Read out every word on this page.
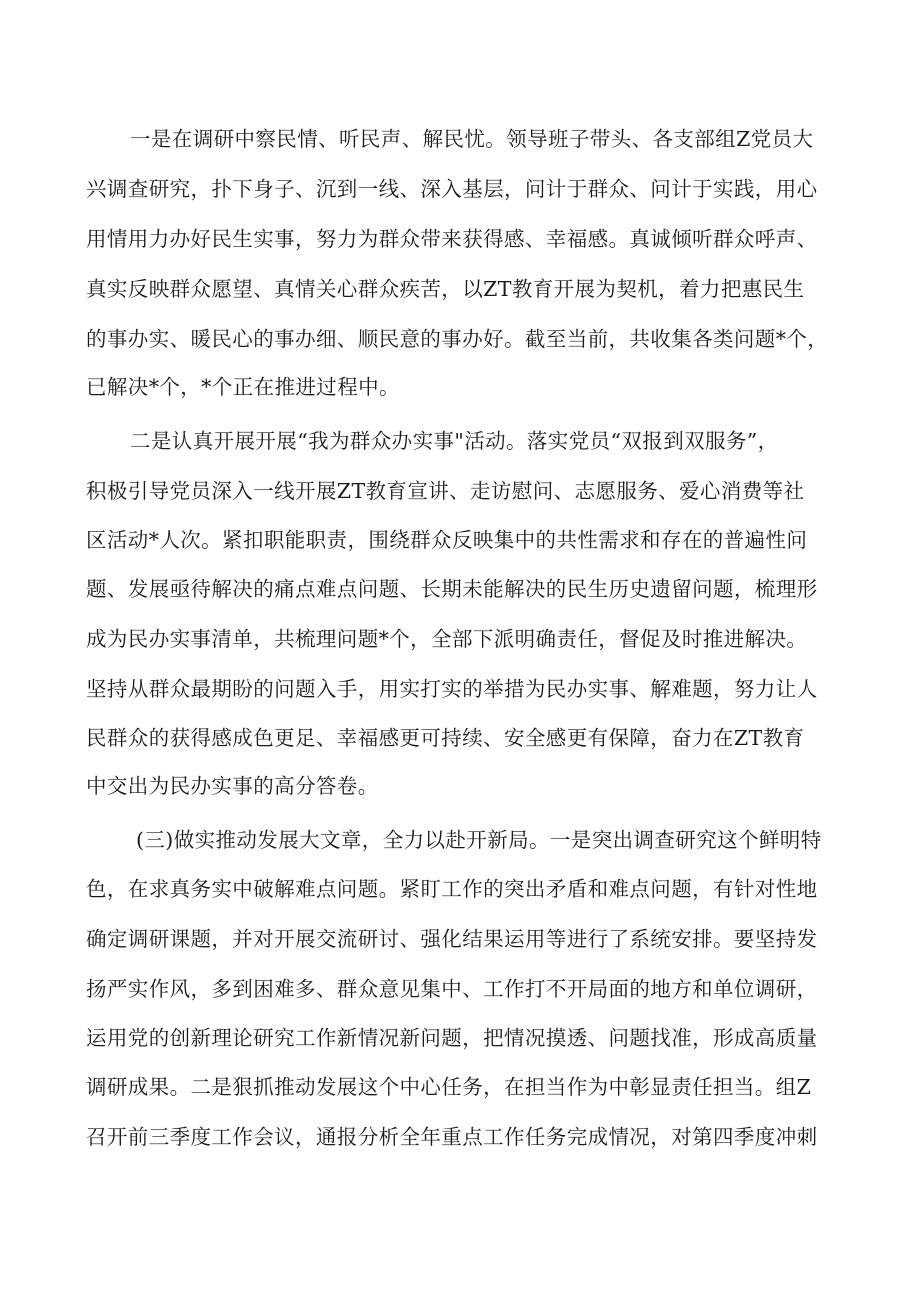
一是在调研中察民情、听民声、解民忧。领导班子带头、各支部组Z党员大

兴调查研究，扑下身子、沉到一线、深入基层，问计于群众、问计于实践，用心

用情用力办好民生实事，努力为群众带来获得感、幸福感。真诚倾听群众呼声、

真实反映群众愿望、真情关心群众疾苦，以ZT教育开展为契机，着力把惠民生

的事办实、暖民心的事办细、顺民意的事办好。截至当前，共收集各类问题*个，

已解决*个，*个正在推进过程中。

二是认真开展开展“我为群众办实事"活动。落实党员“双报到双服务”，

积极引导党员深入一线开展ZT教育宣讲、走访慰问、志愿服务、爱心消费等社

区活动*人次。紧扣职能职责，围绕群众反映集中的共性需求和存在的普遍性问

题、发展亟待解决的痛点难点问题、长期未能解决的民生历史遗留问题，梳理形

成为民办实事清单，共梳理问题*个，全部下派明确责任，督促及时推进解决。

坚持从群众最期盼的问题入手，用实打实的举措为民办实事、解难题，努力让人

民群众的获得感成色更足、幸福感更可持续、安全感更有保障，奋力在ZT教育

中交出为民办实事的高分答卷。

(三)做实推动发展大文章，全力以赴开新局。一是突出调查研究这个鲜明特

色，在求真务实中破解难点问题。紧盯工作的突出矛盾和难点问题，有针对性地

确定调研课题，并对开展交流研讨、强化结果运用等进行了系统安排。要坚持发

扬严实作风，多到困难多、群众意见集中、工作打不开局面的地方和单位调研，

运用党的创新理论研究工作新情况新问题，把情况摸透、问题找准，形成高质量

调研成果。二是狠抓推动发展这个中心任务，在担当作为中彰显责任担当。组Z

召开前三季度工作会议，通报分析全年重点工作任务完成情况，对第四季度冲刺
